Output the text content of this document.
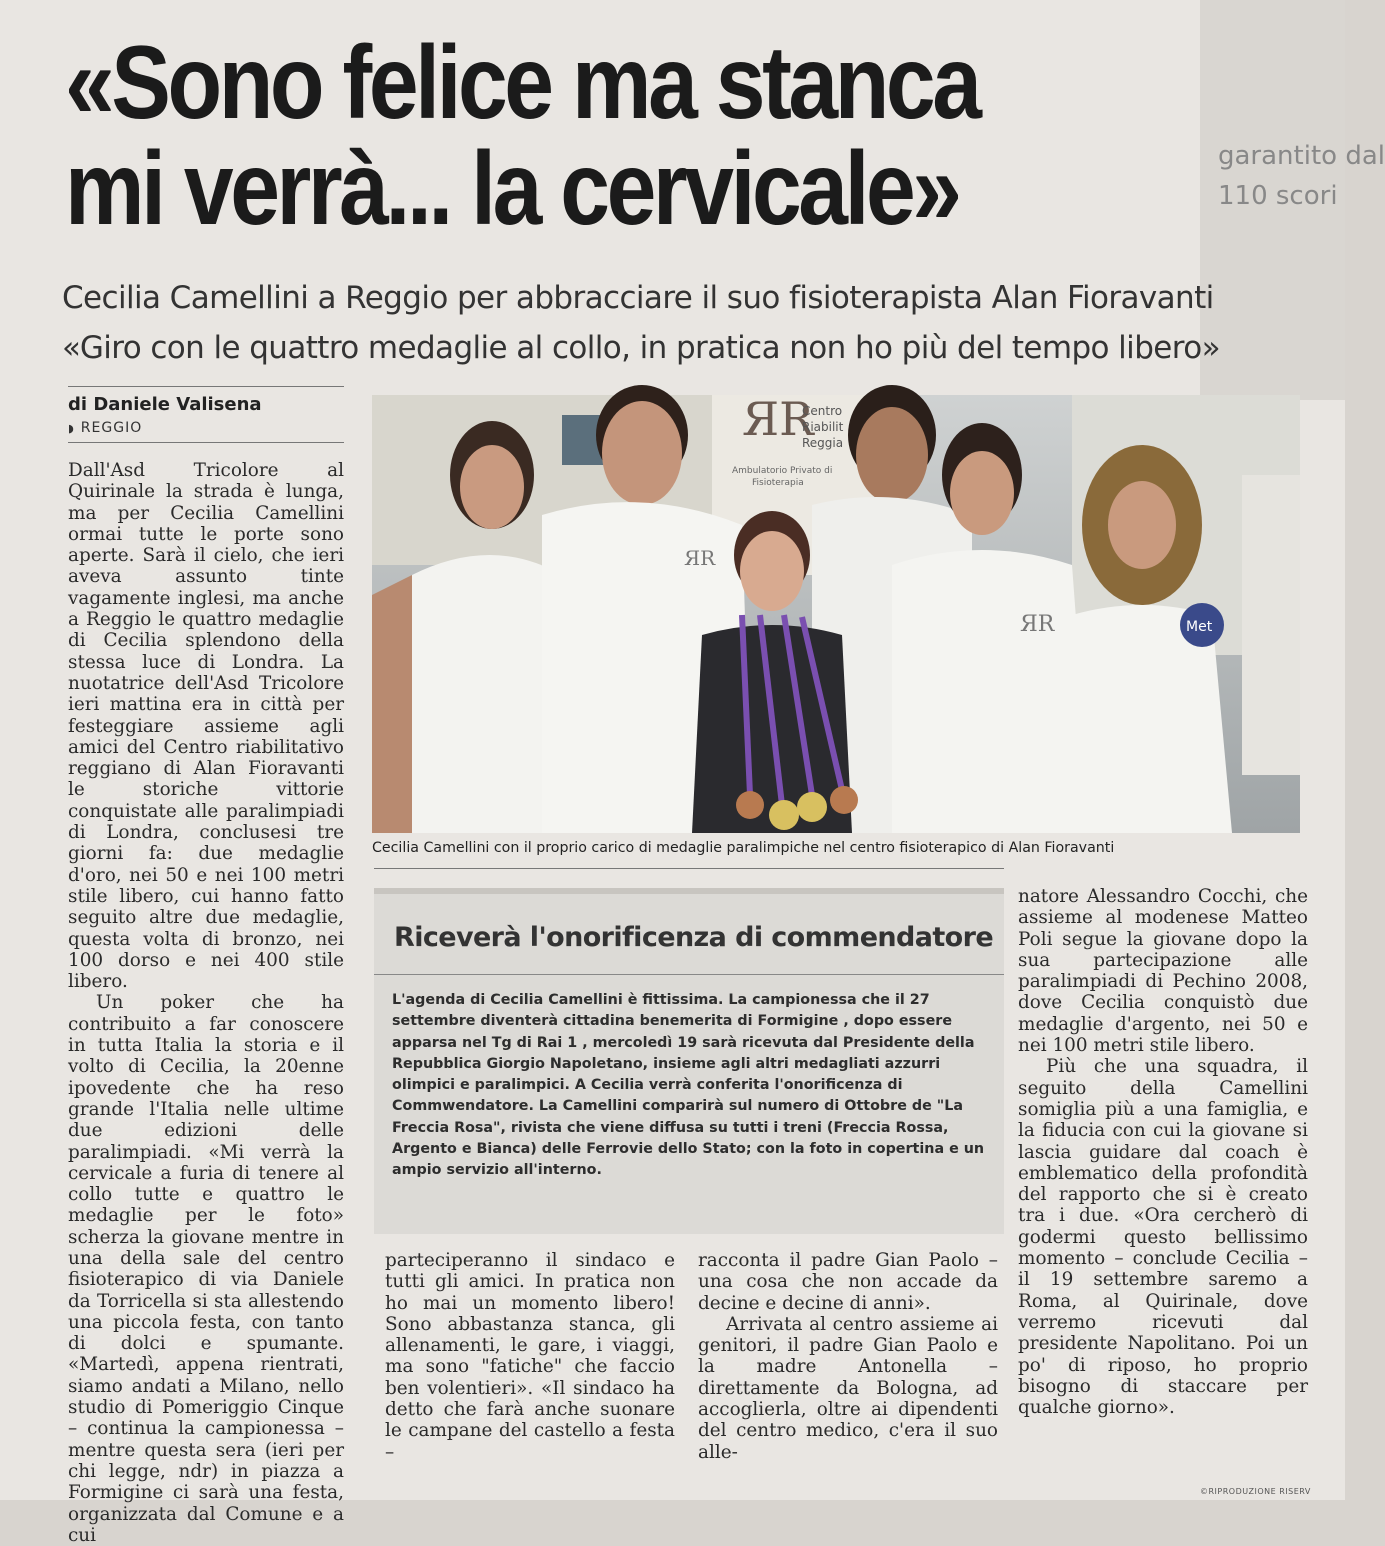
garantito dal
110 scori
«Sono felice ma stanca
mi verrà... la cervicale»
Cecilia Camellini a Reggio per abbracciare il suo fisioterapista Alan Fioravanti
«Giro con le quattro medaglie al collo, in pratica non ho più del tempo libero»
di Daniele Valisena
◗ REGGIO

Dall'Asd Tricolore al Quirinale la strada è lunga, ma per Cecilia Camellini ormai tutte le porte sono aperte. Sarà il cielo, che ieri aveva assunto tinte vagamente inglesi, ma anche a Reggio le quattro medaglie di Cecilia splendono della stessa luce di Londra. La nuotatrice dell'Asd Tricolore ieri mattina era in città per festeggiare assieme agli amici del Centro riabilitativo reggiano di Alan Fioravanti le storiche vittorie conquistate alle paralimpiadi di Londra, conclusesi tre giorni fa: due medaglie d'oro, nei 50 e nei 100 metri stile libero, cui hanno fatto seguito altre due medaglie, questa volta di bronzo, nei 100 dorso e nei 400 stile libero.

Un poker che ha contribuito a far conoscere in tutta Italia la storia e il volto di Cecilia, la 20enne ipovedente che ha reso grande l'Italia nelle ultime due edizioni delle paralimpiadi. «Mi verrà la cervicale a furia di tenere al collo tutte e quattro le medaglie per le foto» scherza la giovane mentre in una della sale del centro fisioterapico di via Daniele da Torricella si sta allestendo una piccola festa, con tanto di dolci e spumante. «Martedì, appena rientrati, siamo andati a Milano, nello studio di Pomeriggio Cinque – continua la campionessa – mentre questa sera (ieri per chi legge, ndr) in piazza a Formigine ci sarà una festa, organizzata dal Comune e a cui

ЯR
Centro
Riabilit
Reggia
Ambulatorio Privato di
Fisioterapia
ЯR
ЯR	Met
Cecilia Camellini con il proprio carico di medaglie paralimpiche nel centro fisioterapico di Alan Fioravanti
Riceverà l'onorificenza di commendatore
L'agenda di Cecilia Camellini è fittissima. La campionessa che il 27 settembre diventerà cittadina benemerita di Formigine , dopo essere apparsa nel Tg di Rai 1 , mercoledì 19 sarà ricevuta dal Presidente della Repubblica Giorgio Napoletano, insieme agli altri medagliati azzurri olimpici e paralimpici. A Cecilia verrà conferita l'onorificenza di Commwendatore. La Camellini comparirà sul numero di Ottobre de "La Freccia Rosa", rivista che viene diffusa su tutti i treni (Freccia Rossa, Argento e Bianca) delle Ferrovie dello Stato; con la foto in copertina e un ampio servizio all'interno.

parteciperanno il sindaco e tutti gli amici. In pratica non ho mai un momento libero! Sono abbastanza stanca, gli allenamenti, le gare, i viaggi, ma sono "fatiche" che faccio ben volentieri». «Il sindaco ha detto che farà anche suonare le campane del castello a festa –

racconta il padre Gian Paolo – una cosa che non accade da decine e decine di anni».

Arrivata al centro assieme ai genitori, il padre Gian Paolo e la madre Antonella – direttamente da Bologna, ad accoglierla, oltre ai dipendenti del centro medico, c'era il suo alle-

natore Alessandro Cocchi, che assieme al modenese Matteo Poli segue la giovane dopo la sua partecipazione alle paralimpiadi di Pechino 2008, dove Cecilia conquistò due medaglie d'argento, nei 50 e nei 100 metri stile libero.

Più che una squadra, il seguito della Camellini somiglia più a una famiglia, e la fiducia con cui la giovane si lascia guidare dal coach è emblematico della profondità del rapporto che si è creato tra i due. «Ora cercherò di godermi questo bellissimo momento – conclude Cecilia – il 19 settembre saremo a Roma, al Quirinale, dove verremo ricevuti dal presidente Napolitano. Poi un po' di riposo, ho proprio bisogno di staccare per qualche giorno».

©RIPRODUZIONE RISERV
